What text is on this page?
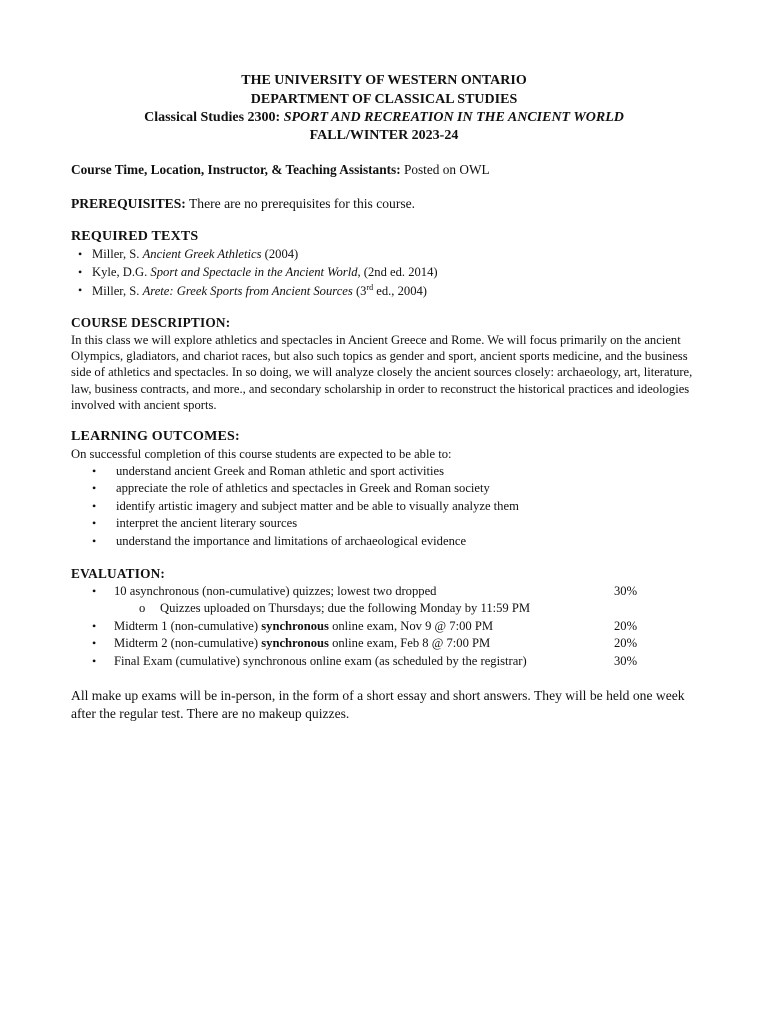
THE UNIVERSITY OF WESTERN ONTARIO
DEPARTMENT OF CLASSICAL STUDIES
Classical Studies 2300: SPORT AND RECREATION IN THE ANCIENT WORLD
FALL/WINTER 2023-24
Course Time, Location, Instructor, & Teaching Assistants: Posted on OWL
PREREQUISITES: There are no prerequisites for this course.
REQUIRED TEXTS
• Miller, S. Ancient Greek Athletics (2004)
• Kyle, D.G. Sport and Spectacle in the Ancient World, (2nd ed. 2014)
• Miller, S. Arete: Greek Sports from Ancient Sources (3rd ed., 2004)
COURSE DESCRIPTION:
In this class we will explore athletics and spectacles in Ancient Greece and Rome. We will focus primarily on the ancient Olympics, gladiators, and chariot races, but also such topics as gender and sport, ancient sports medicine, and the business side of athletics and spectacles. In so doing, we will analyze closely the ancient sources closely: archaeology, art, literature, law, business contracts, and more., and secondary scholarship in order to reconstruct the historical practices and ideologies involved with ancient sports.
LEARNING OUTCOMES:
On successful completion of this course students are expected to be able to:
• understand ancient Greek and Roman athletic and sport activities
• appreciate the role of athletics and spectacles in Greek and Roman society
• identify artistic imagery and subject matter and be able to visually analyze them
• interpret the ancient literary sources
• understand the importance and limitations of archaeological evidence
EVALUATION:
• 10 asynchronous (non-cumulative) quizzes; lowest two dropped	30%
o Quizzes uploaded on Thursdays; due the following Monday by 11:59 PM
• Midterm 1 (non-cumulative) synchronous online exam, Nov 9 @ 7:00 PM	20%
• Midterm 2 (non-cumulative) synchronous online exam, Feb 8 @ 7:00 PM	20%
• Final Exam (cumulative) synchronous online exam (as scheduled by the registrar)	30%
All make up exams will be in-person, in the form of a short essay and short answers. They will be held one week after the regular test. There are no makeup quizzes.
